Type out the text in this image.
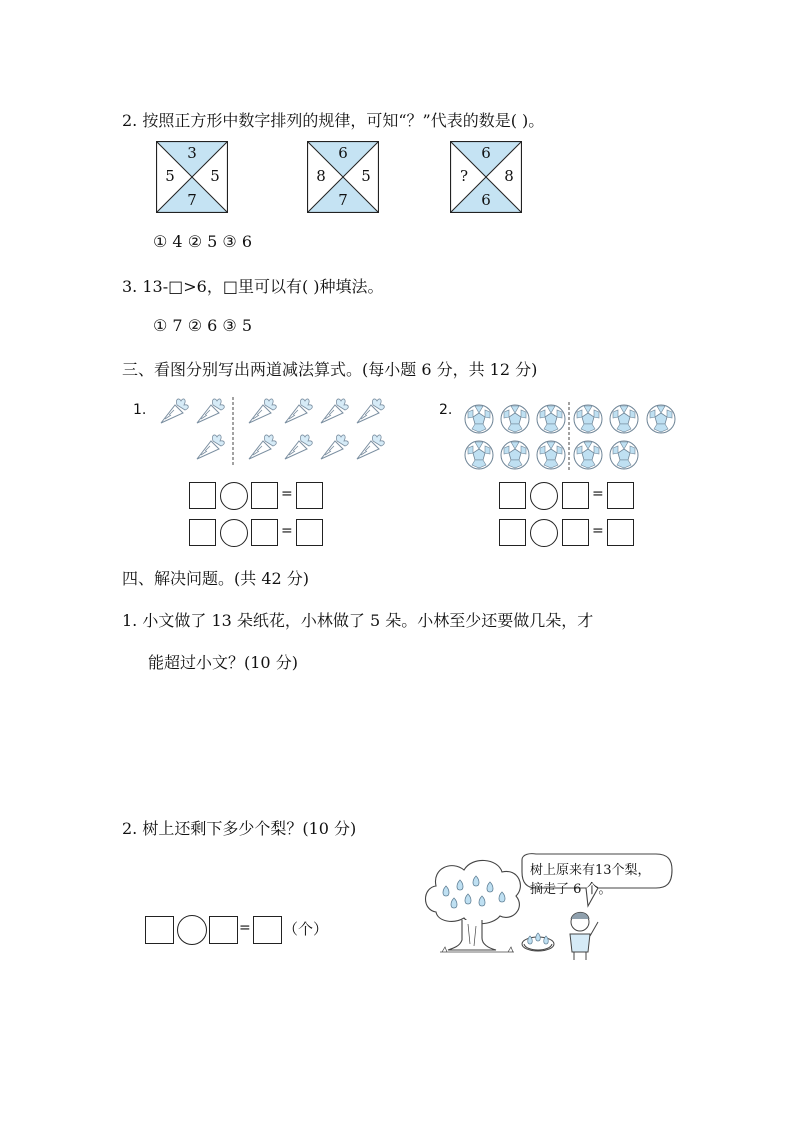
2. 按照正方形中数字排列的规律，可知“？”代表的数是( )。
3
5	5
7
6
8	5
7
6
?	8
6
① 4 ② 5 ③ 6
3. 13-□>6，□里可以有( )种填法。
① 7 ② 6 ③ 5
三、看图分别写出两道减法算式。(每小题 6 分，共 12 分)
1.	2.
=
=
=
=
四、解决问题。(共 42 分)
1. 小文做了 13 朵纸花，小林做了 5 朵。小林至少还要做几朵，才
能超过小文？(10 分)
2. 树上还剩下多少个梨？(10 分)
= （个）
树上原来有13个梨，
摘走了 6 个。
